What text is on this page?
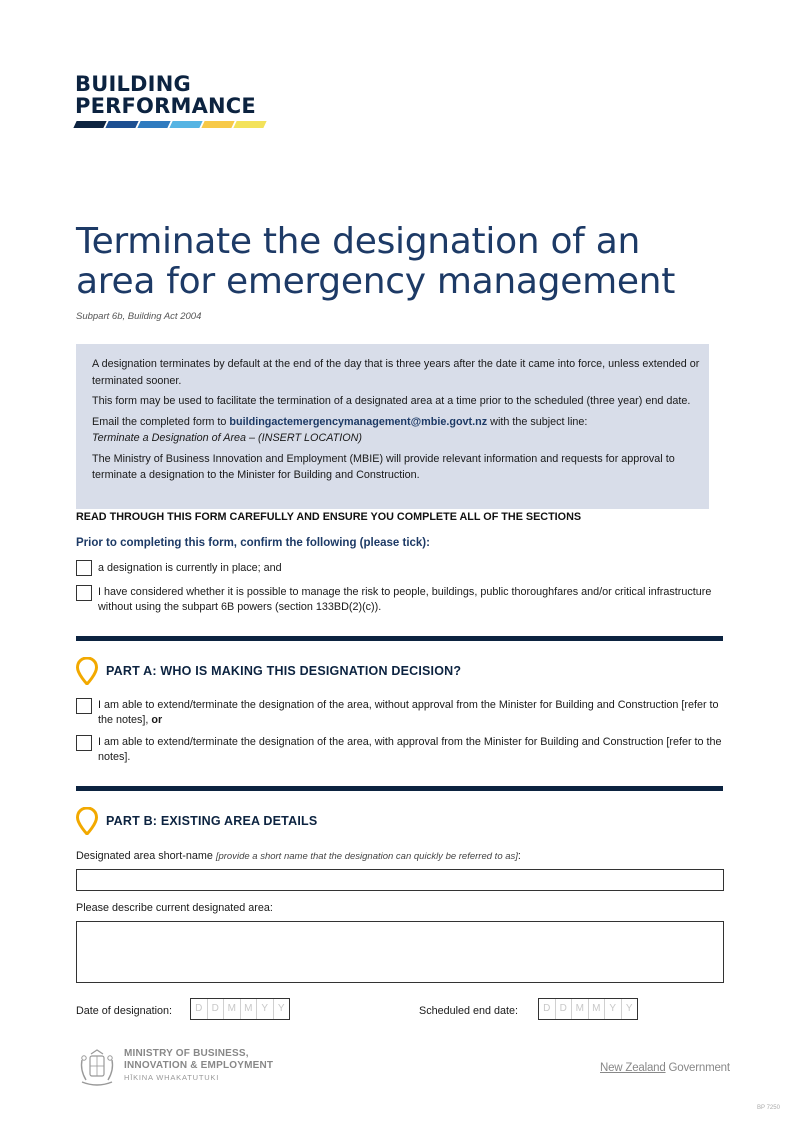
BUILDING
PERFORMANCE
Terminate the designation of an
area for emergency management
Subpart 6b, Building Act 2004

A designation terminates by default at the end of the day that is three years after the date it came into force, unless extended or terminated sooner.

This form may be used to facilitate the termination of a designated area at a time prior to the scheduled (three year) end date.

Email the completed form to buildingactemergencymanagement@mbie.govt.nz with the subject line:
Terminate a Designation of Area – (INSERT LOCATION)

The Ministry of Business Innovation and Employment (MBIE) will provide relevant information and requests for approval to terminate a designation to the Minister for Building and Construction.

READ THROUGH THIS FORM CAREFULLY AND ENSURE YOU COMPLETE ALL OF THE SECTIONS
Prior to completing this form, confirm the following (please tick):
a designation is currently in place; and
I have considered whether it is possible to manage the risk to people, buildings, public thoroughfares and/or critical infrastructure without using the subpart 6B powers (section 133BD(2)(c)).
PART A: WHO IS MAKING THIS DESIGNATION DECISION?
I am able to extend/terminate the designation of the area, without approval from the Minister for Building and Construction [refer to the notes], or
I am able to extend/terminate the designation of the area, with approval from the Minister for Building and Construction [refer to the notes].
PART B: EXISTING AREA DETAILS
Designated area short-name [provide a short name that the designation can quickly be referred to as]:
Please describe current designated area:
Date of designation:	D D M M Y Y	Scheduled end date:	D D M M Y Y
MINISTRY OF BUSINESS,
INNOVATION & EMPLOYMENT
HĪKINA WHAKATUTUKI
New Zealand Government
BP 7250
